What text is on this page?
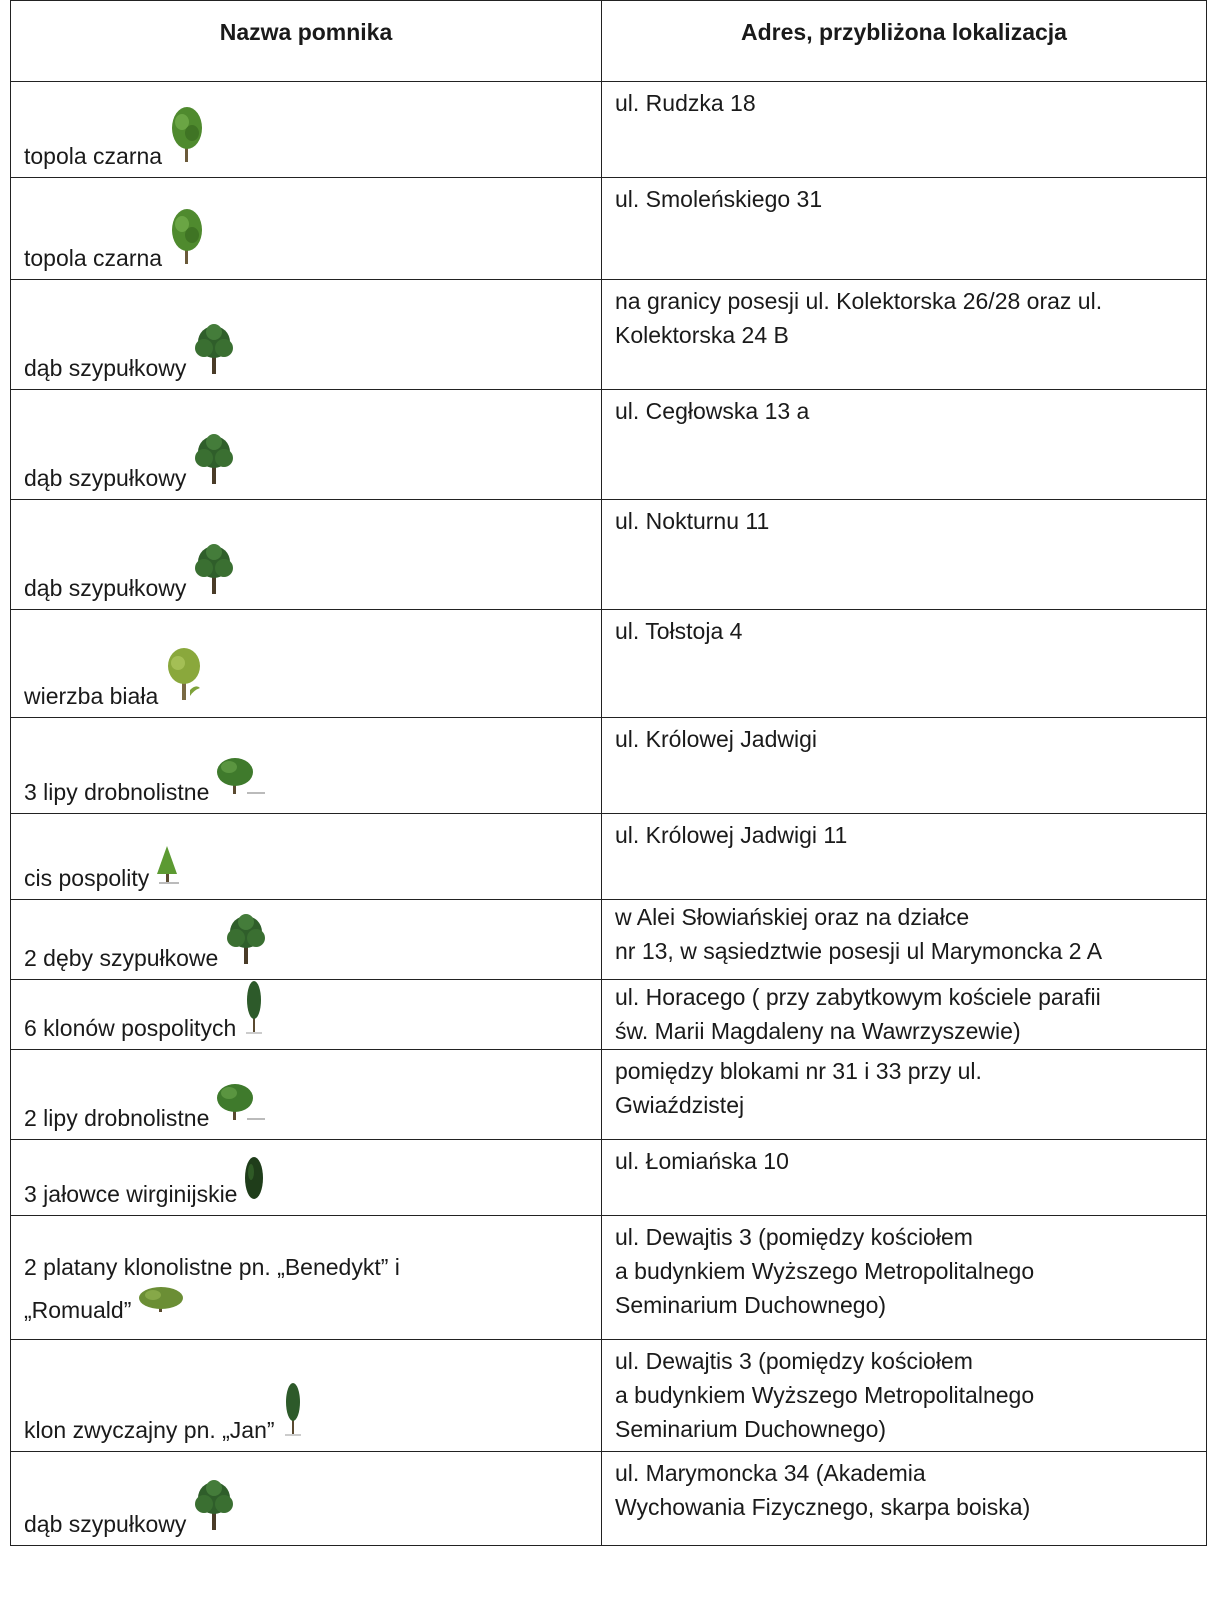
Nazwa pomnika	Adres, przybliżona lokalizacja

topola czarna	ul. Rudzka 18

topola czarna	ul. Smoleńskiego 31

dąb szypułkowy	na granicy posesji ul. Kolektorska 26/28 oraz ul.
Kolektorska 24 B

dąb szypułkowy	ul. Cegłowska 13 a

dąb szypułkowy	ul. Nokturnu 11

wierzba biała	ul. Tołstoja 4

3 lipy drobnolistne	ul. Królowej Jadwigi

cis pospolity	ul. Królowej Jadwigi 11

2 dęby szypułkowe	w Alei Słowiańskiej oraz na działce
nr 13, w sąsiedztwie posesji ul Marymoncka 2 A

6 klonów pospolitych	ul. Horacego ( przy zabytkowym kościele parafii
św. Marii Magdaleny na Wawrzyszewie)

2 lipy drobnolistne	pomiędzy blokami nr 31 i 33 przy ul.
Gwiaździstej

3 jałowce wirginijskie	ul. Łomiańska 10

2 platany klonolistne pn. „Benedykt” i
„Romuald”	ul. Dewajtis 3 (pomiędzy kościołem
a budynkiem Wyższego Metropolitalnego
Seminarium Duchownego)

klon zwyczajny pn. „Jan”	ul. Dewajtis 3 (pomiędzy kościołem
a budynkiem Wyższego Metropolitalnego
Seminarium Duchownego)

dąb szypułkowy	ul. Marymoncka 34 (Akademia
Wychowania Fizycznego, skarpa boiska)
